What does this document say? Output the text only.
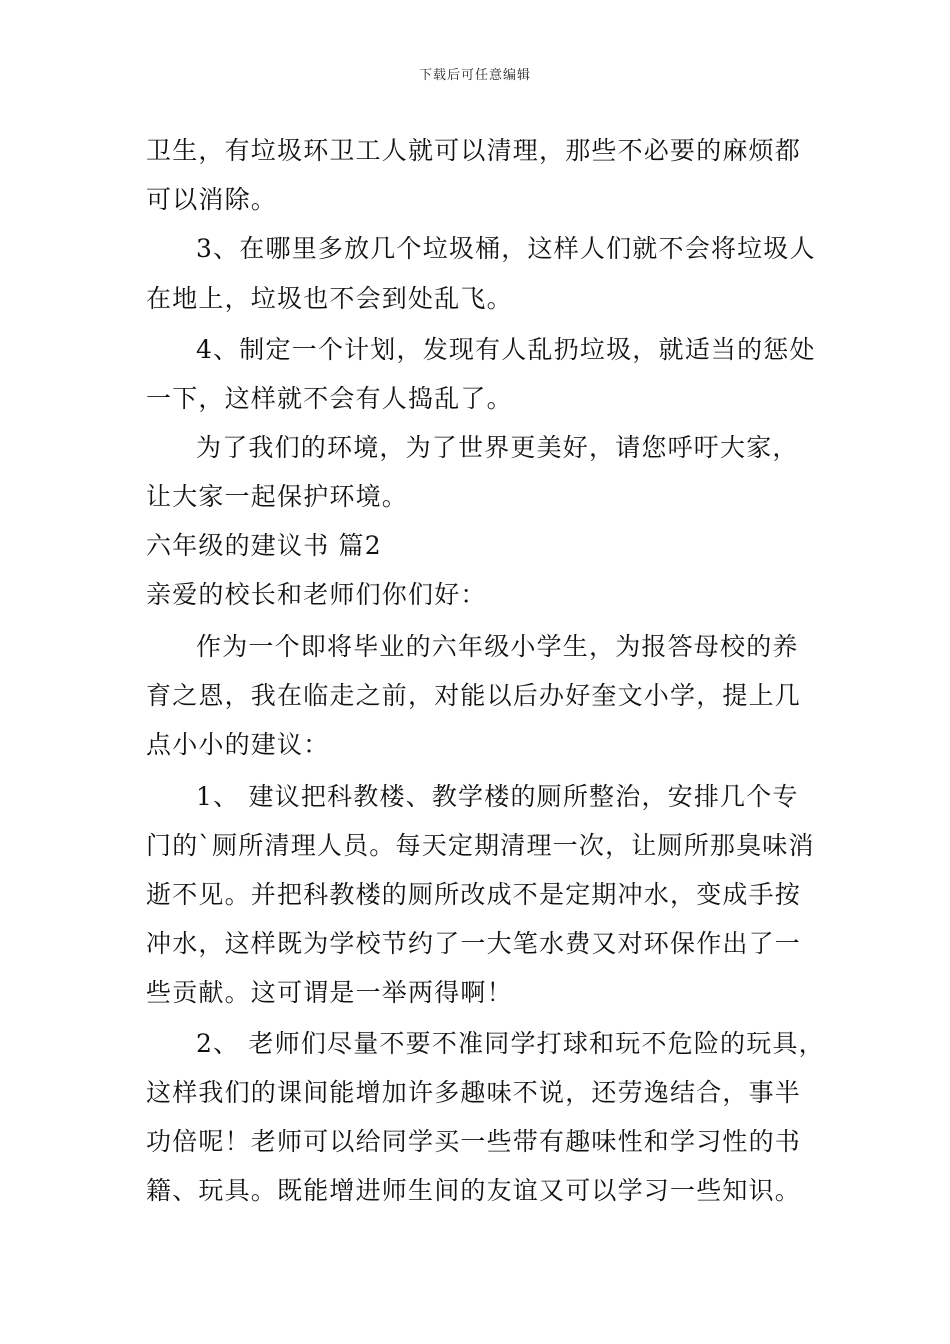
下载后可任意编辑
卫生，有垃圾环卫工人就可以清理，那些不必要的麻烦都
可以消除。
3、在哪里多放几个垃圾桶，这样人们就不会将垃圾人
在地上，垃圾也不会到处乱飞。
4、制定一个计划，发现有人乱扔垃圾，就适当的惩处
一下，这样就不会有人捣乱了。
为了我们的环境，为了世界更美好，请您呼吁大家，
让大家一起保护环境。
六年级的建议书 篇2
亲爱的校长和老师们你们好：
作为一个即将毕业的六年级小学生，为报答母校的养
育之恩，我在临走之前，对能以后办好奎文小学，提上几
点小小的建议：
1、 建议把科教楼、教学楼的厕所整治，安排几个专
门的`厕所清理人员。每天定期清理一次，让厕所那臭味消
逝不见。并把科教楼的厕所改成不是定期冲水，变成手按
冲水，这样既为学校节约了一大笔水费又对环保作出了一
些贡献。这可谓是一举两得啊！
2、 老师们尽量不要不准同学打球和玩不危险的玩具，
这样我们的课间能增加许多趣味不说，还劳逸结合，事半
功倍呢！老师可以给同学买一些带有趣味性和学习性的书
籍、玩具。既能增进师生间的友谊又可以学习一些知识。
